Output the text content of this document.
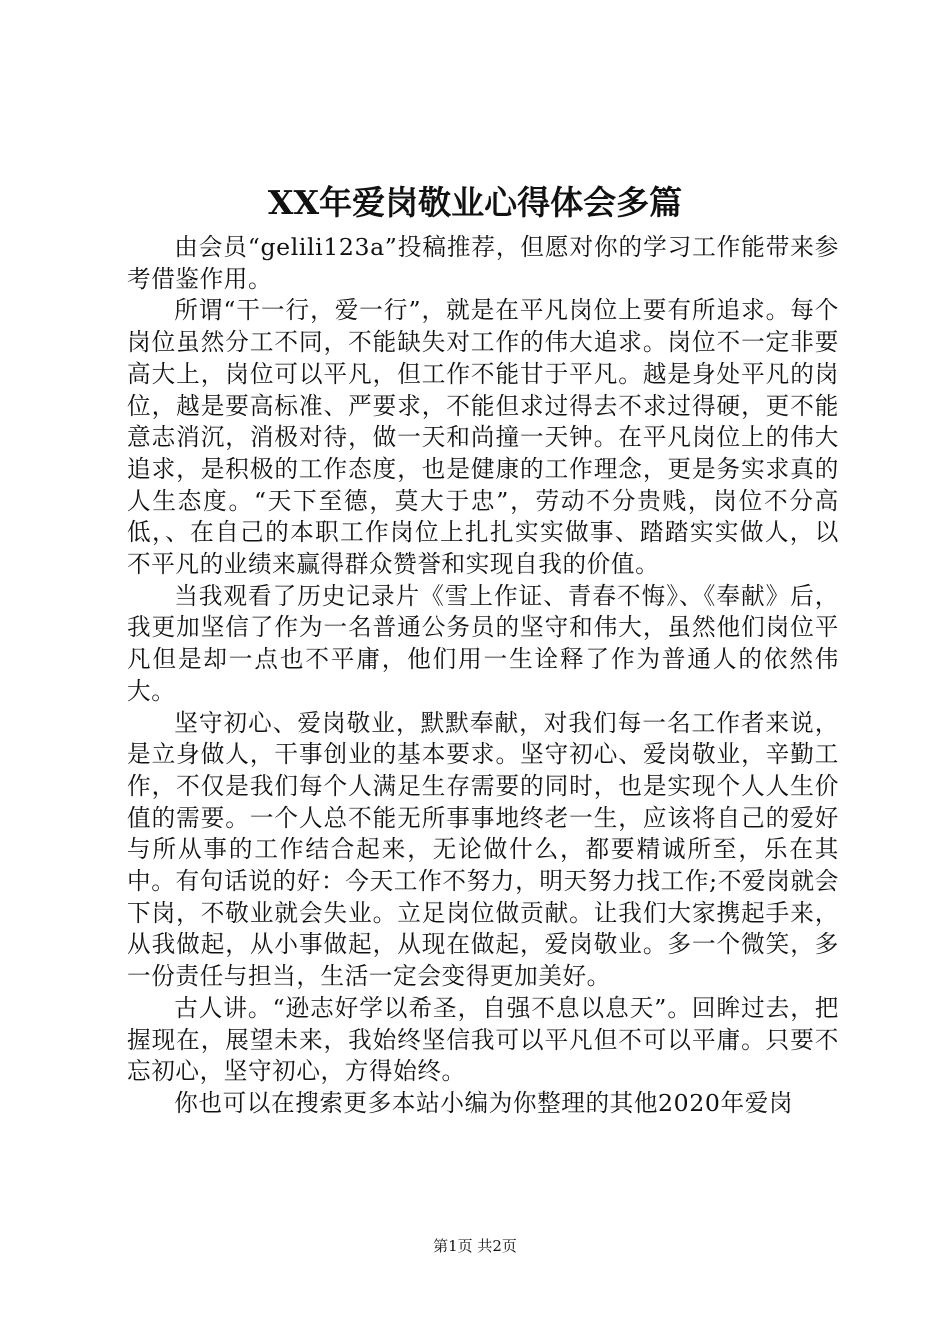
XX年爱岗敬业心得体会多篇

由会员“gelili123a”投稿推荐，但愿对你的学习工作能带来参考借鉴作用。

所谓“干一行，爱一行”，就是在平凡岗位上要有所追求。每个岗位虽然分工不同，不能缺失对工作的伟大追求。岗位不一定非要高大上，岗位可以平凡，但工作不能甘于平凡。越是身处平凡的岗位，越是要高标准、严要求，不能但求过得去不求过得硬，更不能意志消沉，消极对待，做一天和尚撞一天钟。在平凡岗位上的伟大追求，是积极的工作态度，也是健康的工作理念，更是务实求真的人生态度。“天下至德，莫大于忠”，劳动不分贵贱，岗位不分高低，、在自己的本职工作岗位上扎扎实实做事、踏踏实实做人，以不平凡的业绩来赢得群众赞誉和实现自我的价值。

当我观看了历史记录片《雪上作证、青春不悔》、《奉献》后，我更加坚信了作为一名普通公务员的坚守和伟大，虽然他们岗位平凡但是却一点也不平庸，他们用一生诠释了作为普通人的依然伟大。

坚守初心、爱岗敬业，默默奉献，对我们每一名工作者来说，是立身做人，干事创业的基本要求。坚守初心、爱岗敬业，辛勤工作，不仅是我们每个人满足生存需要的同时，也是实现个人人生价值的需要。一个人总不能无所事事地终老一生，应该将自己的爱好与所从事的工作结合起来，无论做什么，都要精诚所至，乐在其中。有句话说的好：今天工作不努力，明天努力找工作;不爱岗就会下岗，不敬业就会失业。立足岗位做贡献。让我们大家携起手来，从我做起，从小事做起，从现在做起，爱岗敬业。多一个微笑，多一份责任与担当，生活一定会变得更加美好。

古人讲。“逊志好学以希圣，自强不息以息天”。回眸过去，把握现在，展望未来，我始终坚信我可以平凡但不可以平庸。只要不忘初心，坚守初心，方得始终。

你也可以在搜索更多本站小编为你整理的其他2020年爱岗

第1页 共2页
